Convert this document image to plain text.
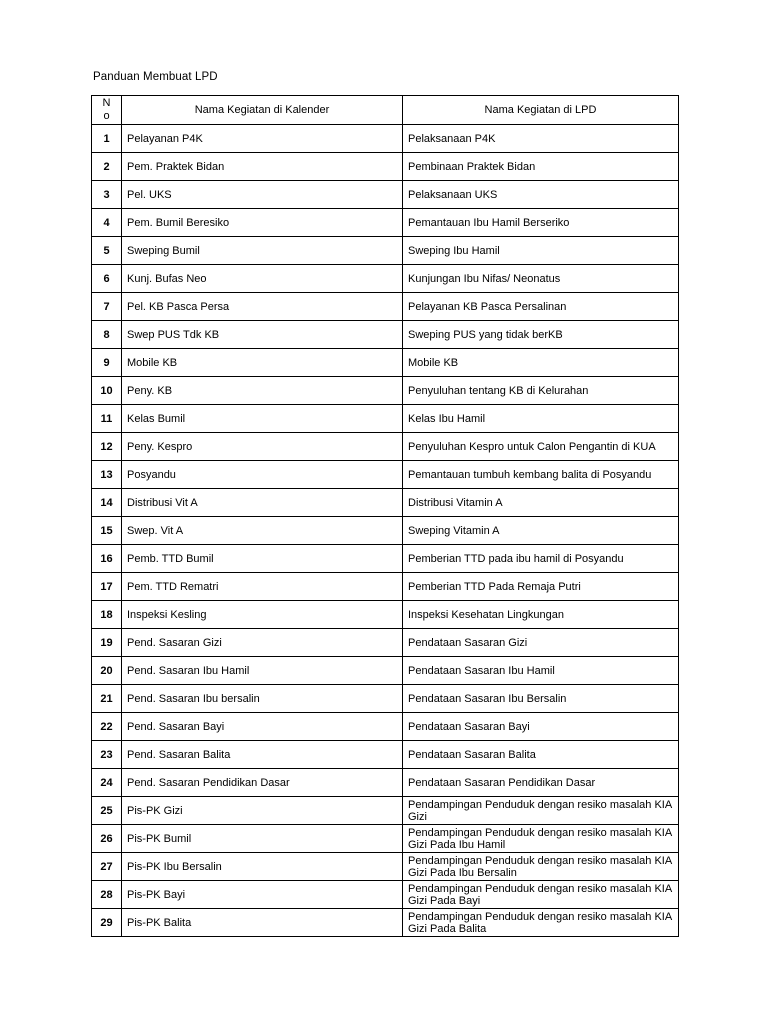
Panduan Membuat LPD
N o	Nama Kegiatan di Kalender	Nama Kegiatan di LPD
1	Pelayanan P4K	Pelaksanaan P4K
2	Pem. Praktek Bidan	Pembinaan Praktek Bidan
3	Pel. UKS	Pelaksanaan UKS
4	Pem. Bumil Beresiko	Pemantauan Ibu Hamil Berseriko
5	Sweping Bumil	Sweping Ibu Hamil
6	Kunj. Bufas Neo	Kunjungan Ibu Nifas/ Neonatus
7	Pel. KB Pasca Persa	Pelayanan KB Pasca Persalinan
8	Swep PUS Tdk KB	Sweping PUS yang tidak berKB
9	Mobile KB	Mobile KB
10	Peny. KB	Penyuluhan tentang KB di Kelurahan
11	Kelas Bumil	Kelas Ibu Hamil
12	Peny. Kespro	Penyuluhan Kespro untuk Calon Pengantin di KUA
13	Posyandu	Pemantauan tumbuh kembang balita di Posyandu
14	Distribusi Vit A	Distribusi Vitamin A
15	Swep. Vit A	Sweping Vitamin A
16	Pemb. TTD Bumil	Pemberian TTD pada ibu hamil di Posyandu
17	Pem. TTD Rematri	Pemberian TTD Pada Remaja Putri
18	Inspeksi Kesling	Inspeksi Kesehatan Lingkungan
19	Pend. Sasaran Gizi	Pendataan Sasaran Gizi
20	Pend. Sasaran Ibu Hamil	Pendataan Sasaran Ibu Hamil
21	Pend. Sasaran Ibu bersalin	Pendataan Sasaran Ibu Bersalin
22	Pend. Sasaran Bayi	Pendataan Sasaran Bayi
23	Pend. Sasaran Balita	Pendataan Sasaran Balita
24	Pend. Sasaran Pendidikan Dasar	Pendataan Sasaran Pendidikan Dasar
25	Pis-PK Gizi	Pendampingan Penduduk dengan resiko masalah KIA Gizi
26	Pis-PK Bumil	Pendampingan Penduduk dengan resiko masalah KIA Gizi Pada Ibu Hamil
27	Pis-PK Ibu Bersalin	Pendampingan Penduduk dengan resiko masalah KIA Gizi Pada Ibu Bersalin
28	Pis-PK Bayi	Pendampingan Penduduk dengan resiko masalah KIA Gizi Pada Bayi
29	Pis-PK Balita	Pendampingan Penduduk dengan resiko masalah KIA Gizi Pada Balita
